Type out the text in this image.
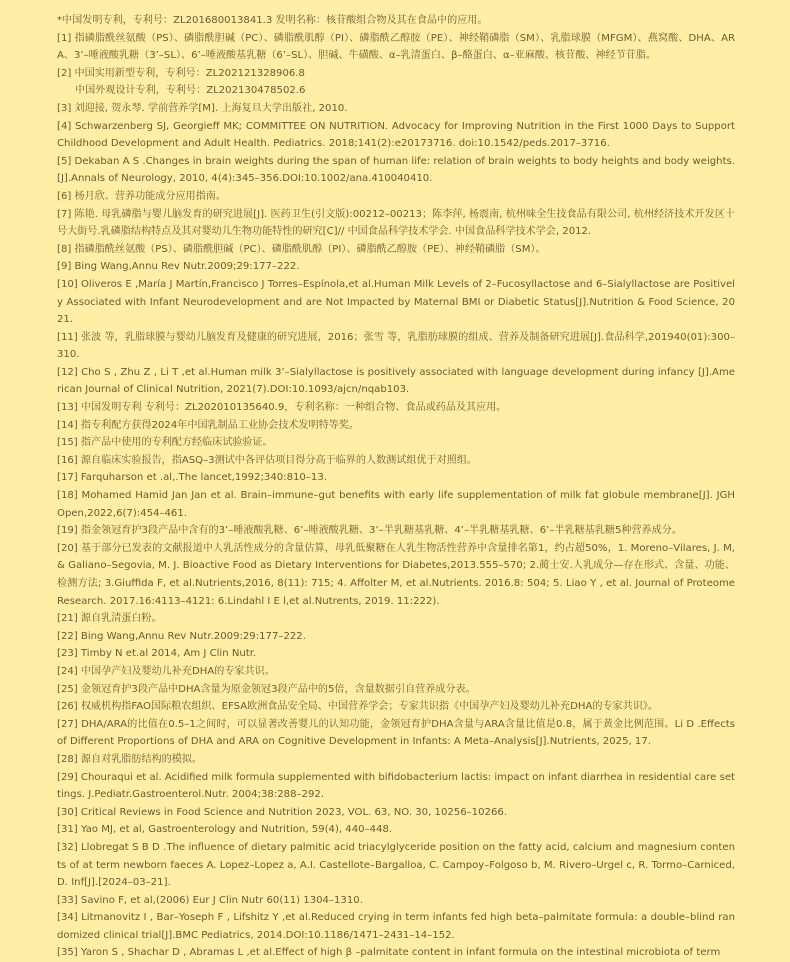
*中国发明专利，专利号：ZL201680013841.3 发明名称：核苷酸组合物及其在食品中的应用。

[1] 指磷脂酰丝氨酸（PS）、磷脂酰胆碱（PC）、磷脂酰肌醇（PI）、磷脂酰乙醇胺（PE）、神经鞘磷脂（SM）、乳脂球膜（MFGM）、燕窝酸、DHA、ARA、3’–唾液酸乳糖（3’–SL）、6’–唾液酸基乳糖（6’–SL）、胆碱、牛磺酸、α–乳清蛋白、β–酪蛋白、α–亚麻酸、核苷酸、神经节苷脂。

[2] 中国实用新型专利，专利号：ZL202121328906.8

中国外观设计专利，专利号：ZL202130478502.6

[3] 刘迎接, 贺永琴. 学前营养学[M]. 上海复旦大学出版社, 2010.

[4] Schwarzenberg SJ, Georgieff MK; COMMITTEE ON NUTRITION. Advocacy for Improving Nutrition in the First 1000 Days to Support Childhood Development and Adult Health. Pediatrics. 2018;141(2):e20173716. doi:10.1542/peds.2017–3716.

[5] Dekaban A S .Changes in brain weights during the span of human life: relation of brain weights to body heights and body weights.[J].Annals of Neurology, 2010, 4(4):345–356.DOI:10.1002/ana.410040410.

[6] 杨月欣、营养功能成分应用指南。

[7] 陈艳. 母乳磷脂与婴儿脑发育的研究进展[J]. 医药卫生(引文版):00212–00213；陈李萍, 杨震南, 杭州味全生技食品有限公司, 杭州经济技术开发区十号大街号.乳磷脂结构特点及其对婴幼儿生物功能特性的研究[C]// 中国食品科学技术学会. 中国食品科学技术学会, 2012.

[8] 指磷脂酰丝氨酸（PS）、磷脂酰胆碱（PC）、磷脂酰肌醇（PI）、磷脂酰乙醇胺（PE）、神经鞘磷脂（SM）。

[9] Bing Wang,Annu Rev Nutr.2009;29:177–222.

[10] Oliveros E ,María J Martín,Francisco J Torres–Espínola,et al.Human Milk Levels of 2–Fucosyllactose and 6–Sialyllactose are Positively Associated with Infant Neurodevelopment and are Not Impacted by Maternal BMI or Diabetic Status[J].Nutrition & Food Science, 2021.

[11] 张波 等，乳脂球膜与婴幼儿脑发育及健康的研究进展，2016；张雪 等，乳脂肪球膜的组成、营养及制备研究进展[J].食品科学,201940(01):300–310.

[12] Cho S , Zhu Z , Li T ,et al.Human milk 3’–Sialyllactose is positively associated with language development during infancy [J].American Journal of Clinical Nutrition, 2021(7).DOI:10.1093/ajcn/nqab103.

[13] 中国发明专利 专利号：ZL202010135640.9，专利名称：一种组合物、食品或药品及其应用。

[14] 指专利配方获得2024年中国乳制品工业协会技术发明特等奖。

[15] 指产品中使用的专利配方经临床试验验证。

[16] 源自临床实验报告，指ASQ–3测试中各评估项目得分高于临界的人数测试组优于对照组。

[17] Farquharson et .al,.The lancet,1992;340:810–13.

[18] Mohamed Hamid Jan Jan et al. Brain–immune–gut benefits with early life supplementation of milk fat globule membrane[J]. JGH Open,2022,6(7):454–461.

[19] 指金领冠育护3段产品中含有的3’–唾液酸乳糖、6’–唾液酸乳糖、3’–半乳糖基乳糖、4’–半乳糖基乳糖、6’–半乳糖基乳糖5种营养成分。

[20] 基于部分已发表的文献报道中人乳活性成分的含量估算，母乳低聚糖在人乳生物活性营养中含量排名第1，约占超50%，1. Moreno–Vilares, J. M, & Galiano–Segovia, M. J. Bioactive Food as Dietary Interventions for Diabetes,2013.555–570; 2.蔺士安.人乳成分—存在形式、含量、功能、检测方法; 3.Giuffida F, et al.Nutrients,2016, 8(11): 715; 4. Affolter M, et al.Nutrients. 2016.8: 504; 5. Liao Y , et al. Journal of Proteome Research. 2017.16:4113–4121: 6.Lindahl I E l,et al.Nutrents, 2019. 11:222).

[21] 源自乳清蛋白粉。

[22] Bing Wang,Annu Rev Nutr.2009:29:177–222.

[23] Timby N et.al 2014, Am J Clin Nutr.

[24] 中国孕产妇及婴幼儿补充DHA的专家共识。

[25] 金领冠育护3段产品中DHA含量为原金领冠3段产品中的5倍，含量数据引自营养成分表。

[26] 权威机构指FAO国际粮农组织、EFSA欧洲食品安全局、中国营养学会；专家共识指《中国孕产妇及婴幼儿补充DHA的专家共识》。

[27] DHA/ARA的比值在0.5–1之间时，可以显著改善婴儿的认知功能，金领冠育护DHA含量与ARA含量比值是0.8，属于黄金比例范围。Li D .Effects of Different Proportions of DHA and ARA on Cognitive Development in Infants: A Meta–Analysis[J].Nutrients, 2025, 17.

[28] 源自对乳脂肪结构的模拟。

[29] Chouraqui et al. Acidified milk formula supplemented with bifidobacterium lactis: impact on infant diarrhea in residential care settings. J.Pediatr.Gastroenterol.Nutr. 2004;38:288–292.

[30] Critical Reviews in Food Science and Nutrition 2023, VOL. 63, NO. 30, 10256–10266.

[31] Yao MJ, et al, Gastroenterology and Nutrition, 59(4), 440–448.

[32] Llobregat S B D .The influence of dietary palmitic acid triacylglyceride position on the fatty acid, calcium and magnesium contents of at term newborn faeces A. Lopez–Lopez a, A.I. Castellote–Bargalloa, C. Campoy–Folgoso b, M. Rivero–Urgel c, R. Tormo–Carniced, D. Inf[J].[2024–03–21].

[33] Savino F, et al,(2006) Eur J Clin Nutr 60(11) 1304–1310.

[34] Litmanovitz I , Bar–Yoseph F , Lifshitz Y ,et al.Reduced crying in term infants fed high beta–palmitate formula: a double–blind randomized clinical trial[J].BMC Pediatrics, 2014.DOI:10.1186/1471–2431–14–152.

[35] Yaron S , Shachar D , Abramas L ,et al.Effect of high β –palmitate content in infant formula on the intestinal microbiota of term
